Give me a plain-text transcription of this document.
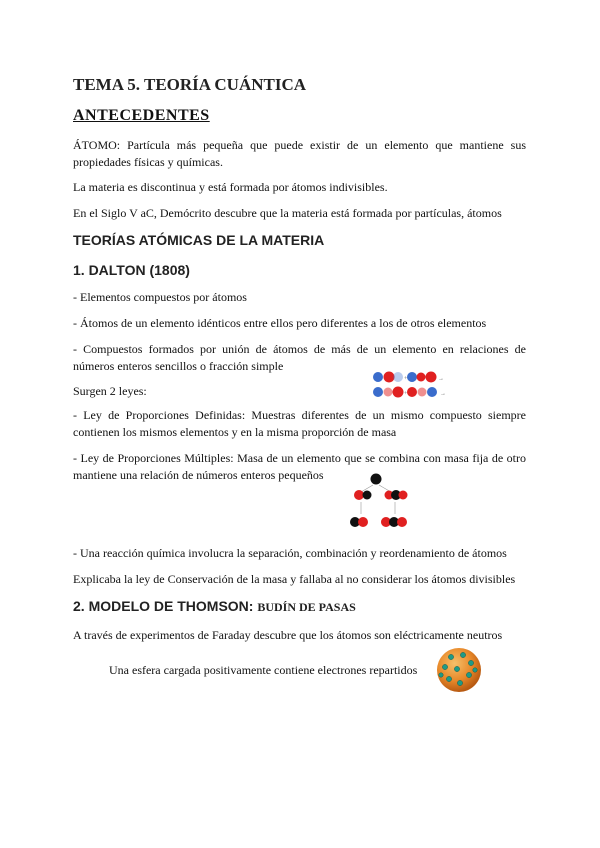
TEMA 5. TEORÍA CUÁNTICA
ANTECEDENTES

ÁTOMO: Partícula más pequeña que puede existir de un elemento que mantiene sus propiedades físicas y químicas.

La materia es discontinua y está formada por átomos indivisibles.

En el Siglo V aC, Demócrito descubre que la materia está formada por partículas, átomos

TEORÍAS ATÓMICAS DE LA MATERIA
1. DALTON (1808)

- Elementos compuestos por átomos

- Átomos de un elemento idénticos entre ellos pero diferentes a los de otros elementos

- Compuestos formados por unión de átomos de más de un elemento en relaciones de números enteros sencillos o fracción simple

Surgen 2 leyes:

+	→
+	→

- Ley de Proporciones Definidas: Muestras diferentes de un mismo compuesto siempre contienen los mismos elementos y en la misma proporción de masa

- Ley de Proporciones Múltiples: Masa de un elemento que se combina con masa fija de otro mantiene una relación de números enteros pequeños

- Una reacción química involucra la separación, combinación y reordenamiento de átomos

Explicaba la ley de Conservación de la masa y fallaba al no considerar los átomos divisibles

2. MODELO DE THOMSON: BUDÍN DE PASAS

A través de experimentos de Faraday descubre que los átomos son eléctricamente neutros

Una esfera cargada positivamente contiene electrones repartidos
